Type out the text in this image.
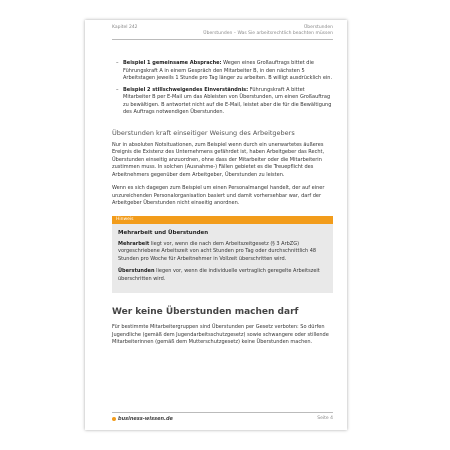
Kapitel 242	Überstunden
Überstunden – Was Sie arbeitsrechtlich beachten müssen
– Beispiel 1 gemeinsame Absprache: Wegen eines Großauftrags bittet die Führungskraft A in einem Gespräch den Mitarbeiter B, in den nächsten 5 Arbeitstagen jeweils 1 Stunde pro Tag länger zu arbeiten. B willigt ausdrücklich ein.
– Beispiel 2 stillschweigendes Einverständnis: Führungskraft A bittet Mitarbeiter B per E-Mail um das Ableisten von Überstunden, um einen Großauftrag zu bewältigen. B antwortet nicht auf die E-Mail, leistet aber die für die Bewältigung des Auftrags notwendigen Überstunden.
Überstunden kraft einseitiger Weisung des Arbeitgebers

Nur in absoluten Notsituationen, zum Beispiel wenn durch ein unerwartetes äußeres Ereignis die Existenz des Unternehmens gefährdet ist, haben Arbeitgeber das Recht, Überstunden einseitig anzuordnen, ohne dass der Mitarbeiter oder die Mitarbeiterin zustimmen muss. In solchen (Ausnahme-) Fällen gebietet es die Treuepflicht des Arbeitnehmers gegenüber dem Arbeitgeber, Überstunden zu leisten.

Wenn es sich dagegen zum Beispiel um einen Personalmangel handelt, der auf einer unzureichenden Personalorganisation basiert und damit vorhersehbar war, darf der Arbeitgeber Überstunden nicht einseitig anordnen.

Hinweis
Mehrarbeit und Überstunden

Mehrarbeit liegt vor, wenn die nach dem Arbeitszeitgesetz (§ 3 ArbZG) vorgeschriebene Arbeitszeit von acht Stunden pro Tag oder durchschnittlich 48 Stunden pro Woche für Arbeitnehmer in Vollzeit überschritten wird.

Überstunden liegen vor, wenn die individuelle vertraglich geregelte Arbeitszeit überschritten wird.

Wer keine Überstunden machen darf

Für bestimmte Mitarbeitergruppen sind Überstunden per Gesetz verboten: So dürfen Jugendliche (gemäß dem Jugendarbeitsschutzgesetz) sowie schwangere oder stillende Mitarbeiterinnen (gemäß dem Mutterschutzgesetz) keine Überstunden machen.

business-wissen.de	Seite 4
